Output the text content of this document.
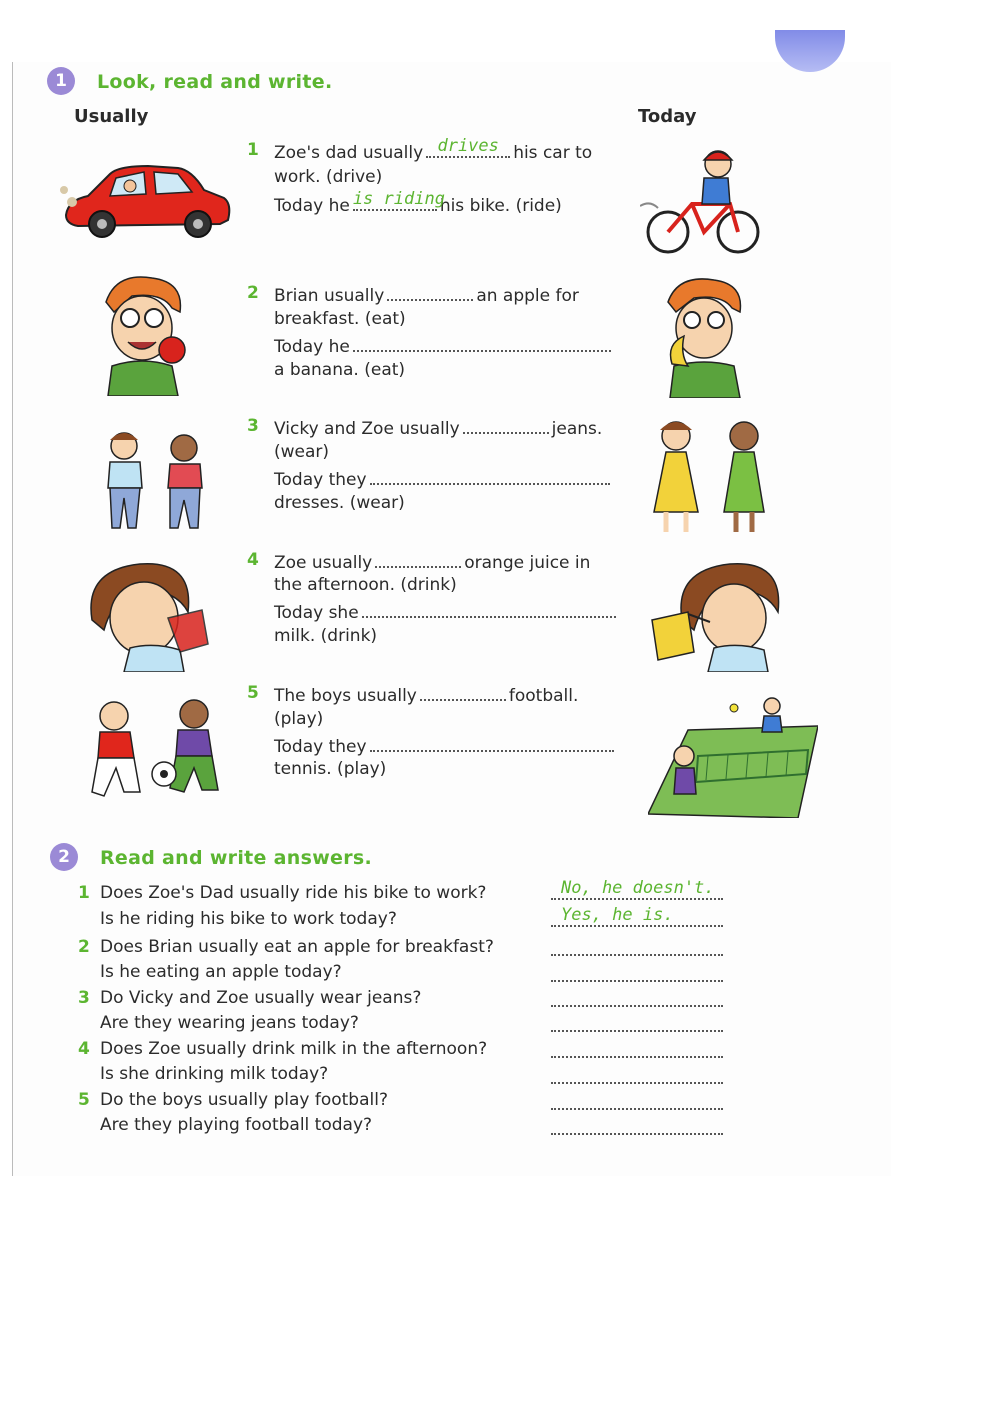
1	Look, read and write.
Usually	Today
1 Zoe's dad usually drives his car to
work. (drive)
Today he is riding
his bike. (ride)
2 Brian usually	an apple for
breakfast. (eat)
Today he
a banana. (eat)
3 Vicky and Zoe usually	jeans.
(wear)
Today they
dresses. (wear)
4 Zoe usually	orange juice in
the afternoon. (drink)
Today she
milk. (drink)
5 The boys usually	football.
(play)
Today they
tennis. (play)
2	Read and write answers.
1 Does Zoe's Dad usually ride his bike to work?	No, he doesn't.
Is he riding his bike to work today?	Yes, he is.
2 Does Brian usually eat an apple for breakfast?
Is he eating an apple today?
3 Do Vicky and Zoe usually wear jeans?
Are they wearing jeans today?
4 Does Zoe usually drink milk in the afternoon?
Is she drinking milk today?
5 Do the boys usually play football?
Are they playing football today?
